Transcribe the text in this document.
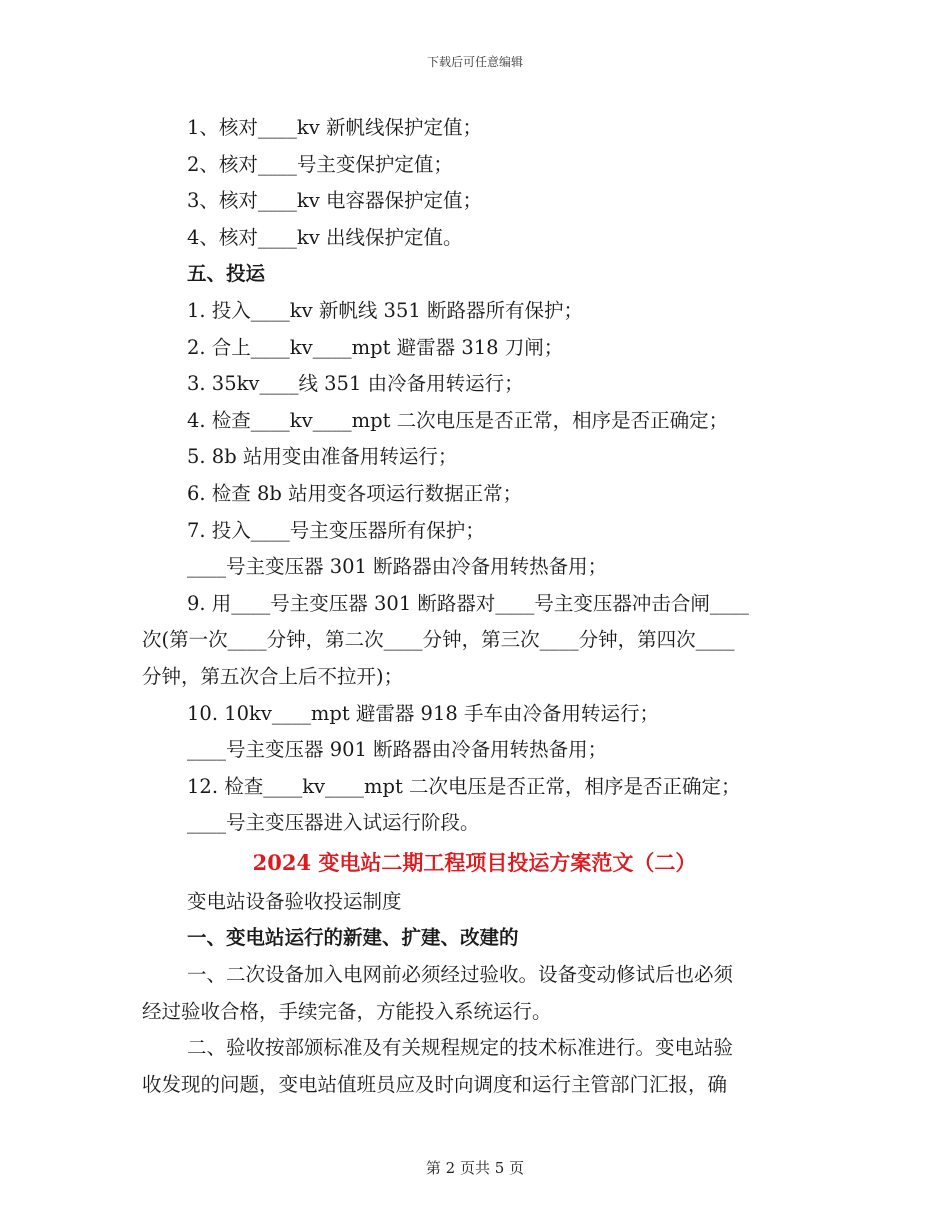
下载后可任意编辑
1、核对____kv 新帆线保护定值；
2、核对____号主变保护定值；
3、核对____kv 电容器保护定值；
4、核对____kv 出线保护定值。
五、投运
1. 投入____kv 新帆线 351 断路器所有保护；
2. 合上____kv____mpt 避雷器 318 刀闸；
3. 35kv____线 351 由冷备用转运行；
4. 检查____kv____mpt 二次电压是否正常，相序是否正确定；
5. 8b 站用变由准备用转运行；
6. 检查 8b 站用变各项运行数据正常；
7. 投入____号主变压器所有保护；
____号主变压器 301 断路器由冷备用转热备用；
9. 用____号主变压器 301 断路器对____号主变压器冲击合闸____
次(第一次____分钟，第二次____分钟，第三次____分钟，第四次____
分钟，第五次合上后不拉开)；
10. 10kv____mpt 避雷器 918 手车由冷备用转运行；
____号主变压器 901 断路器由冷备用转热备用；
12. 检查____kv____mpt 二次电压是否正常，相序是否正确定；
____号主变压器进入试运行阶段。
2024 变电站二期工程项目投运方案范文（二）
变电站设备验收投运制度
一、变电站运行的新建、扩建、改建的
一、二次设备加入电网前必须经过验收。设备变动修试后也必须
经过验收合格，手续完备，方能投入系统运行。
二、验收按部颁标准及有关规程规定的技术标准进行。变电站验
收发现的问题，变电站值班员应及时向调度和运行主管部门汇报，确
第 2 页共 5 页
